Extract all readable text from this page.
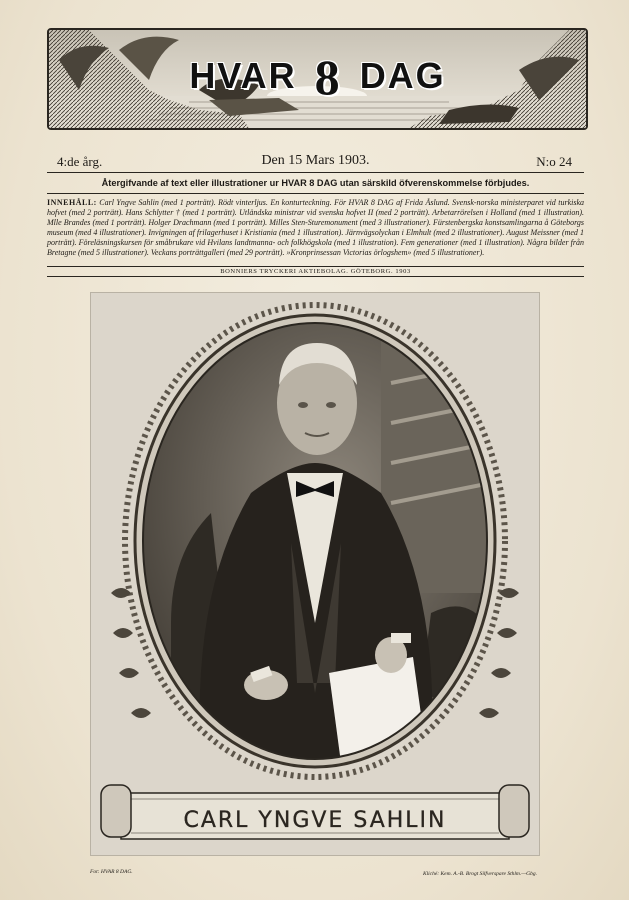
HVAR 8 DAG
4:de årg.	Den 15 Mars 1903.	N:o 24
Återgifvande af text eller illustrationer ur HVAR 8 DAG utan särskild öfverenskommelse förbjudes.
INNEHÅLL: Carl Yngve Sahlin (med 1 porträtt). Rödt vinterljus. En konturteckning. För HVAR 8 DAG af Frida Åslund. Svensk-norska ministerparet vid turkiska hofvet (med 2 porträtt). Hans Schlytter † (med 1 porträtt). Utländska ministrar vid svenska hofvet II (med 2 porträtt). Arbetarrörelsen i Holland (med 1 illustration). Mlle Brandes (med 1 porträtt). Holger Drachmann (med 1 porträtt). Milles Sten-Sturemonument (med 3 illustrationer). Fürstenbergska konstsamlingarna å Göteborgs museum (med 4 illustrationer). Invigningen af frilagerhuset i Kristiania (med 1 illustration). Järnvägsolyckan i Elmhult (med 2 illustrationer). August Meissner (med 1 porträtt). Föreläsningskursen för småbrukare vid Hvilans landtmanna- och folkhögskola (med 1 illustration). Fem generationer (med 1 illustration). Några bilder från Bretagne (med 5 illustrationer). Veckans porträttgalleri (med 29 porträtt). »Kronprinsessan Victorias örlogshem» (med 5 illustrationer).
BONNIERS TRYCKERI AKTIEBOLAG. GÖTEBORG. 1903
CARL YNGVE SAHLIN
Fot: HVAR 8 DAG.	Kliché: Kem. A.-B. Brogt Silfverspare Sthlm.—Gbg.
